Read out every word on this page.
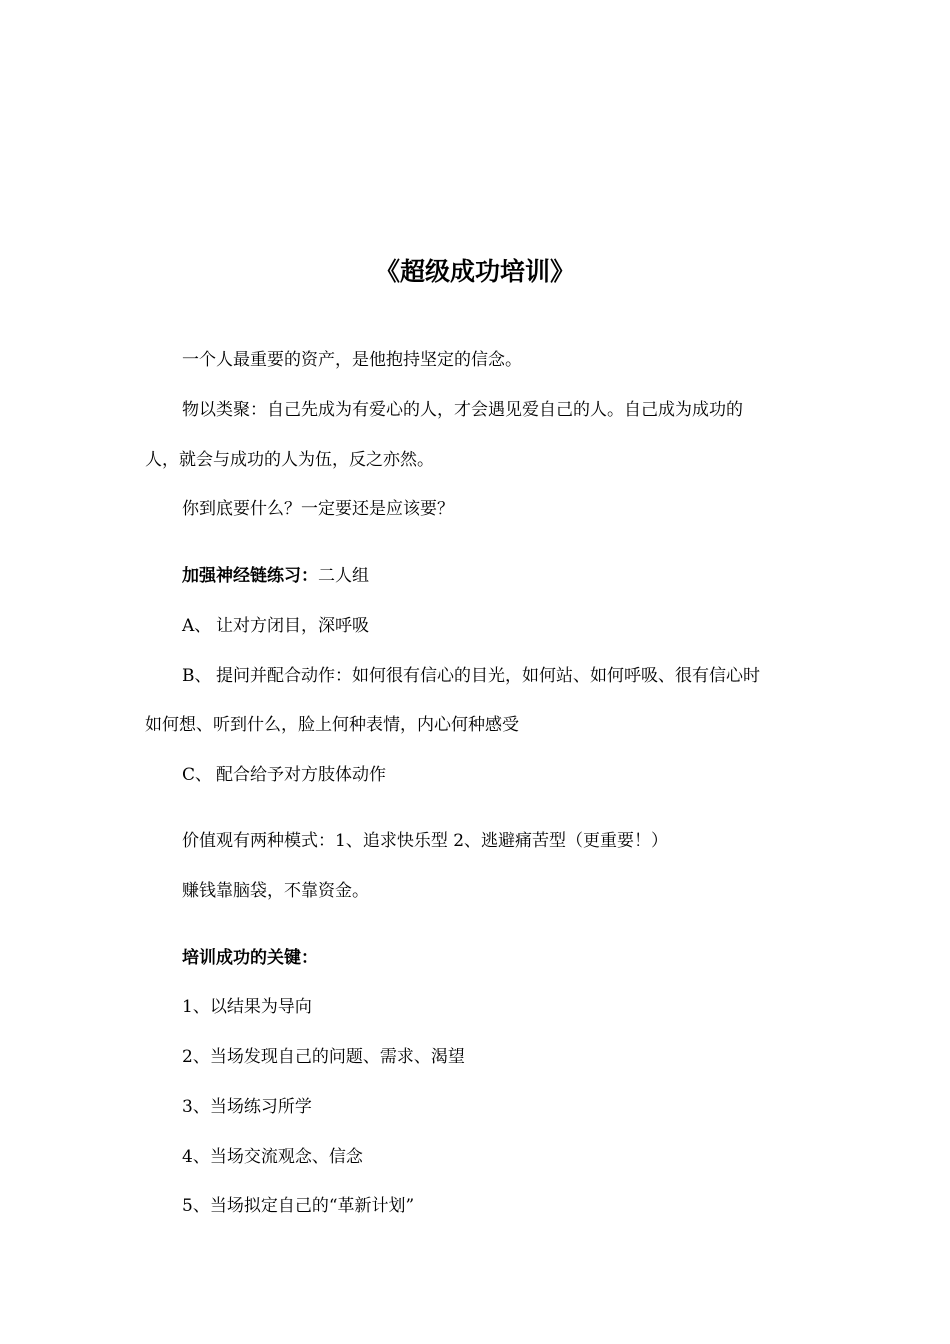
《超级成功培训》
一个人最重要的资产，是他抱持坚定的信念。
物以类聚：自己先成为有爱心的人，才会遇见爱自己的人。自己成为成功的
人，就会与成功的人为伍，反之亦然。
你到底要什么？一定要还是应该要？
加强神经链练习：二人组
A、 让对方闭目，深呼吸
B、 提问并配合动作：如何很有信心的目光，如何站、如何呼吸、很有信心时
如何想、听到什么，脸上何种表情，内心何种感受
C、 配合给予对方肢体动作
价值观有两种模式：1、追求快乐型 2、逃避痛苦型（更重要！）
赚钱靠脑袋，不靠资金。
培训成功的关键：
1、以结果为导向
2、当场发现自己的问题、需求、渴望
3、当场练习所学
4、当场交流观念、信念
5、当场拟定自己的“革新计划”
